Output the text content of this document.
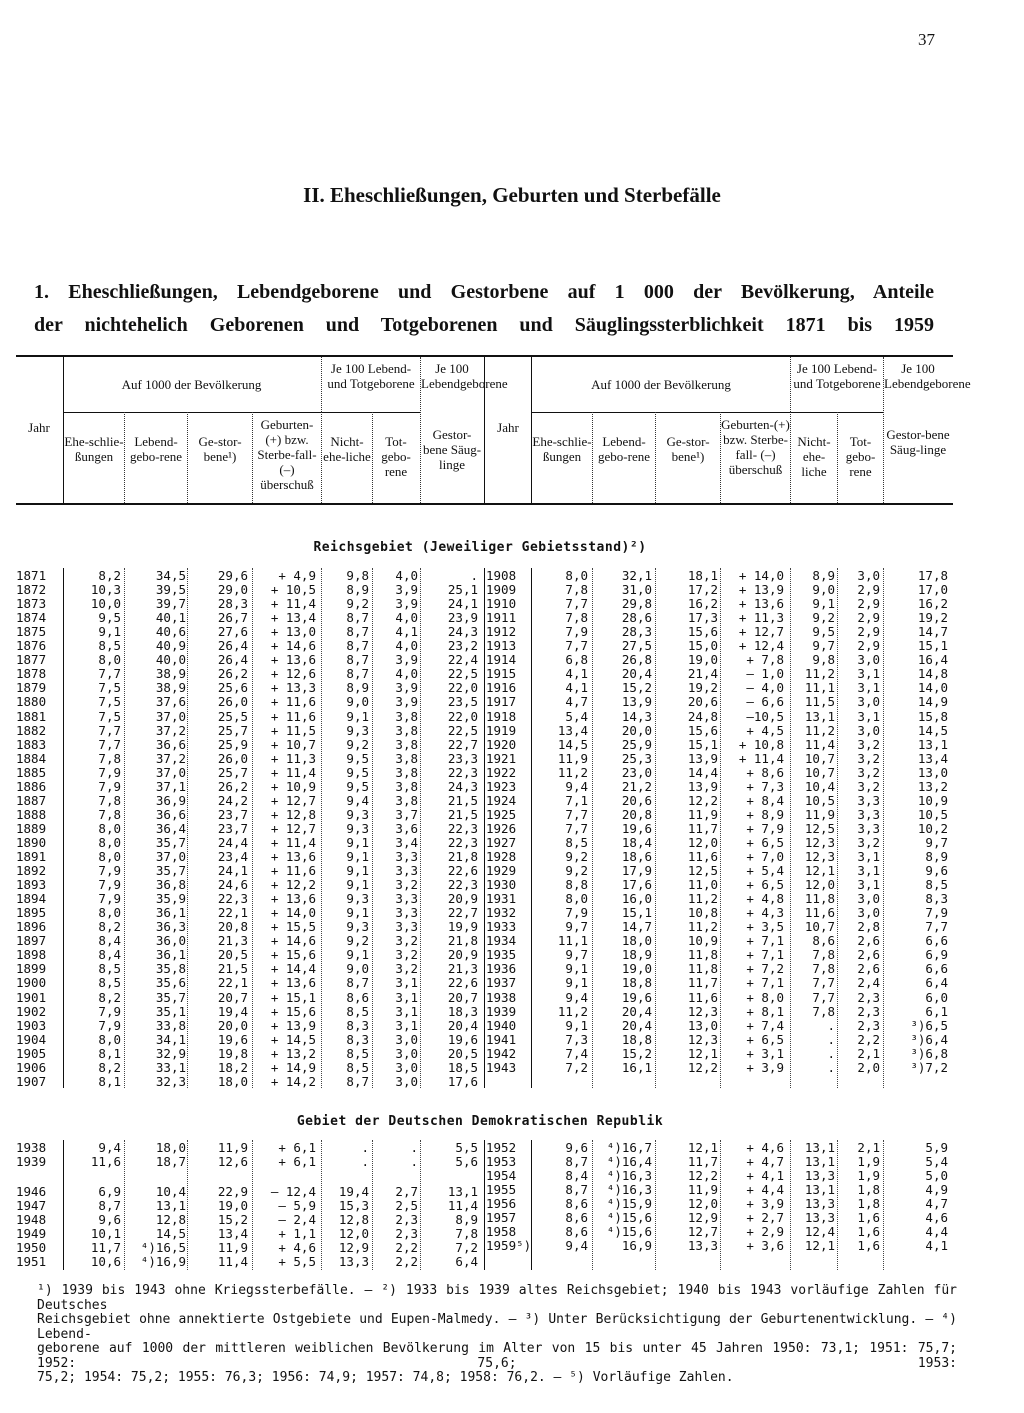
37
II. Eheschließungen, Geburten und Sterbefälle
1. Eheschließungen, Lebendgeborene und Gestorbene auf 1 000 der Bevölkerung, Anteile
der nichtehelich Geborenen und Totgeborenen und Säuglingssterblichkeit 1871 bis 1959
Jahr
Auf 1000 der Bevölkerung
Je 100 Lebend- und Totgeborene
Je 100 Lebendgeborene
Ehe-schlie-ßungen
Lebend-gebo-rene
Ge-stor-bene¹)
Geburten-(+) bzw. Sterbe-fall- (–) überschuß
Nicht-ehe-liche
Tot-gebo-rene
Gestor-bene Säug-linge
Jahr
Auf 1000 der Bevölkerung
Je 100 Lebend- und Totgeborene
Je 100 Lebendgeborene
Ehe-schlie-ßungen
Lebend-gebo-rene
Ge-stor-bene¹)
Geburten-(+) bzw. Sterbe-fall- (–) überschuß
Nicht-ehe-liche
Tot-gebo-rene
Gestor-bene Säug-linge
Reichsgebiet (Jeweiliger Gebietsstand)²)
1871	8,2	34,5	29,6	+ 4,9	9,8	4,0	.
1872	10,3	39,5	29,0	+ 10,5	8,9	3,9	25,1
1873	10,0	39,7	28,3	+ 11,4	9,2	3,9	24,1
1874	9,5	40,1	26,7	+ 13,4	8,7	4,0	23,9
1875	9,1	40,6	27,6	+ 13,0	8,7	4,1	24,3
1876	8,5	40,9	26,4	+ 14,6	8,7	4,0	23,2
1877	8,0	40,0	26,4	+ 13,6	8,7	3,9	22,4
1878	7,7	38,9	26,2	+ 12,6	8,7	4,0	22,5
1879	7,5	38,9	25,6	+ 13,3	8,9	3,9	22,0
1880	7,5	37,6	26,0	+ 11,6	9,0	3,9	23,5
1881	7,5	37,0	25,5	+ 11,6	9,1	3,8	22,0
1882	7,7	37,2	25,7	+ 11,5	9,3	3,8	22,5
1883	7,7	36,6	25,9	+ 10,7	9,2	3,8	22,7
1884	7,8	37,2	26,0	+ 11,3	9,5	3,8	23,3
1885	7,9	37,0	25,7	+ 11,4	9,5	3,8	22,3
1886	7,9	37,1	26,2	+ 10,9	9,5	3,8	24,3
1887	7,8	36,9	24,2	+ 12,7	9,4	3,8	21,5
1888	7,8	36,6	23,7	+ 12,8	9,3	3,7	21,5
1889	8,0	36,4	23,7	+ 12,7	9,3	3,6	22,3
1890	8,0	35,7	24,4	+ 11,4	9,1	3,4	22,3
1891	8,0	37,0	23,4	+ 13,6	9,1	3,3	21,8
1892	7,9	35,7	24,1	+ 11,6	9,1	3,3	22,6
1893	7,9	36,8	24,6	+ 12,2	9,1	3,2	22,3
1894	7,9	35,9	22,3	+ 13,6	9,3	3,3	20,9
1895	8,0	36,1	22,1	+ 14,0	9,1	3,3	22,7
1896	8,2	36,3	20,8	+ 15,5	9,3	3,3	19,9
1897	8,4	36,0	21,3	+ 14,6	9,2	3,2	21,8
1898	8,4	36,1	20,5	+ 15,6	9,1	3,2	20,9
1899	8,5	35,8	21,5	+ 14,4	9,0	3,2	21,3
1900	8,5	35,6	22,1	+ 13,6	8,7	3,1	22,6
1901	8,2	35,7	20,7	+ 15,1	8,6	3,1	20,7
1902	7,9	35,1	19,4	+ 15,6	8,5	3,1	18,3
1903	7,9	33,8	20,0	+ 13,9	8,3	3,1	20,4
1904	8,0	34,1	19,6	+ 14,5	8,3	3,0	19,6
1905	8,1	32,9	19,8	+ 13,2	8,5	3,0	20,5
1906	8,2	33,1	18,2	+ 14,9	8,5	3,0	18,5
1907	8,1	32,3	18,0	+ 14,2	8,7	3,0	17,6
1908	8,0	32,1	18,1	+ 14,0	8,9	3,0	17,8
1909	7,8	31,0	17,2	+ 13,9	9,0	2,9	17,0
1910	7,7	29,8	16,2	+ 13,6	9,1	2,9	16,2
1911	7,8	28,6	17,3	+ 11,3	9,2	2,9	19,2
1912	7,9	28,3	15,6	+ 12,7	9,5	2,9	14,7
1913	7,7	27,5	15,0	+ 12,4	9,7	2,9	15,1
1914	6,8	26,8	19,0	+ 7,8	9,8	3,0	16,4
1915	4,1	20,4	21,4	— 1,0	11,2	3,1	14,8
1916	4,1	15,2	19,2	— 4,0	11,1	3,1	14,0
1917	4,7	13,9	20,6	— 6,6	11,5	3,0	14,9
1918	5,4	14,3	24,8	—10,5	13,1	3,1	15,8
1919	13,4	20,0	15,6	+ 4,5	11,2	3,0	14,5
1920	14,5	25,9	15,1	+ 10,8	11,4	3,2	13,1
1921	11,9	25,3	13,9	+ 11,4	10,7	3,2	13,4
1922	11,2	23,0	14,4	+ 8,6	10,7	3,2	13,0
1923	9,4	21,2	13,9	+ 7,3	10,4	3,2	13,2
1924	7,1	20,6	12,2	+ 8,4	10,5	3,3	10,9
1925	7,7	20,8	11,9	+ 8,9	11,9	3,3	10,5
1926	7,7	19,6	11,7	+ 7,9	12,5	3,3	10,2
1927	8,5	18,4	12,0	+ 6,5	12,3	3,2	9,7
1928	9,2	18,6	11,6	+ 7,0	12,3	3,1	8,9
1929	9,2	17,9	12,5	+ 5,4	12,1	3,1	9,6
1930	8,8	17,6	11,0	+ 6,5	12,0	3,1	8,5
1931	8,0	16,0	11,2	+ 4,8	11,8	3,0	8,3
1932	7,9	15,1	10,8	+ 4,3	11,6	3,0	7,9
1933	9,7	14,7	11,2	+ 3,5	10,7	2,8	7,7
1934	11,1	18,0	10,9	+ 7,1	8,6	2,6	6,6
1935	9,7	18,9	11,8	+ 7,1	7,8	2,6	6,9
1936	9,1	19,0	11,8	+ 7,2	7,8	2,6	6,6
1937	9,1	18,8	11,7	+ 7,1	7,7	2,4	6,4
1938	9,4	19,6	11,6	+ 8,0	7,7	2,3	6,0
1939	11,2	20,4	12,3	+ 8,1	7,8	2,3	6,1
1940	9,1	20,4	13,0	+ 7,4	.	2,3	³)6,5
1941	7,3	18,8	12,3	+ 6,5	.	2,2	³)6,4
1942	7,4	15,2	12,1	+ 3,1	.	2,1	³)6,8
1943	7,2	16,1	12,2	+ 3,9	.	2,0	³)7,2
Gebiet der Deutschen Demokratischen Republik
1938	9,4	18,0	11,9	+ 6,1	.	.	5,5
1939	11,6	18,7	12,6	+ 6,1	.	.	5,6
1946	6,9	10,4	22,9	— 12,4	19,4	2,7	13,1
1947	8,7	13,1	19,0	— 5,9	15,3	2,5	11,4
1948	9,6	12,8	15,2	— 2,4	12,8	2,3	8,9
1949	10,1	14,5	13,4	+ 1,1	12,0	2,3	7,8
1950	11,7	⁴)16,5	11,9	+ 4,6	12,9	2,2	7,2
1951	10,6	⁴)16,9	11,4	+ 5,5	13,3	2,2	6,4
1952	9,6	⁴)16,7	12,1	+ 4,6	13,1	2,1	5,9
1953	8,7	⁴)16,4	11,7	+ 4,7	13,1	1,9	5,4
1954	8,4	⁴)16,3	12,2	+ 4,1	13,3	1,9	5,0
1955	8,7	⁴)16,3	11,9	+ 4,4	13,1	1,8	4,9
1956	8,6	⁴)15,9	12,0	+ 3,9	13,3	1,8	4,7
1957	8,6	⁴)15,6	12,9	+ 2,7	13,3	1,6	4,6
1958	8,6	⁴)15,6	12,7	+ 2,9	12,4	1,6	4,4
1959⁵)	9,4	16,9	13,3	+ 3,6	12,1	1,6	4,1
¹) 1939 bis 1943 ohne Kriegssterbefälle. — ²) 1933 bis 1939 altes Reichsgebiet; 1940 bis 1943 vorläufige Zahlen für Deutsches
Reichsgebiet ohne annektierte Ostgebiete und Eupen-Malmedy. — ³) Unter Berücksichtigung der Geburtenentwicklung. — ⁴) Lebend-
geborene auf 1000 der mittleren weiblichen Bevölkerung im Alter von 15 bis unter 45 Jahren 1950: 73,1; 1951: 75,7; 1952: 75,6; 1953:
75,2; 1954: 75,2; 1955: 76,3; 1956: 74,9; 1957: 74,8; 1958: 76,2. — ⁵) Vorläufige Zahlen.
